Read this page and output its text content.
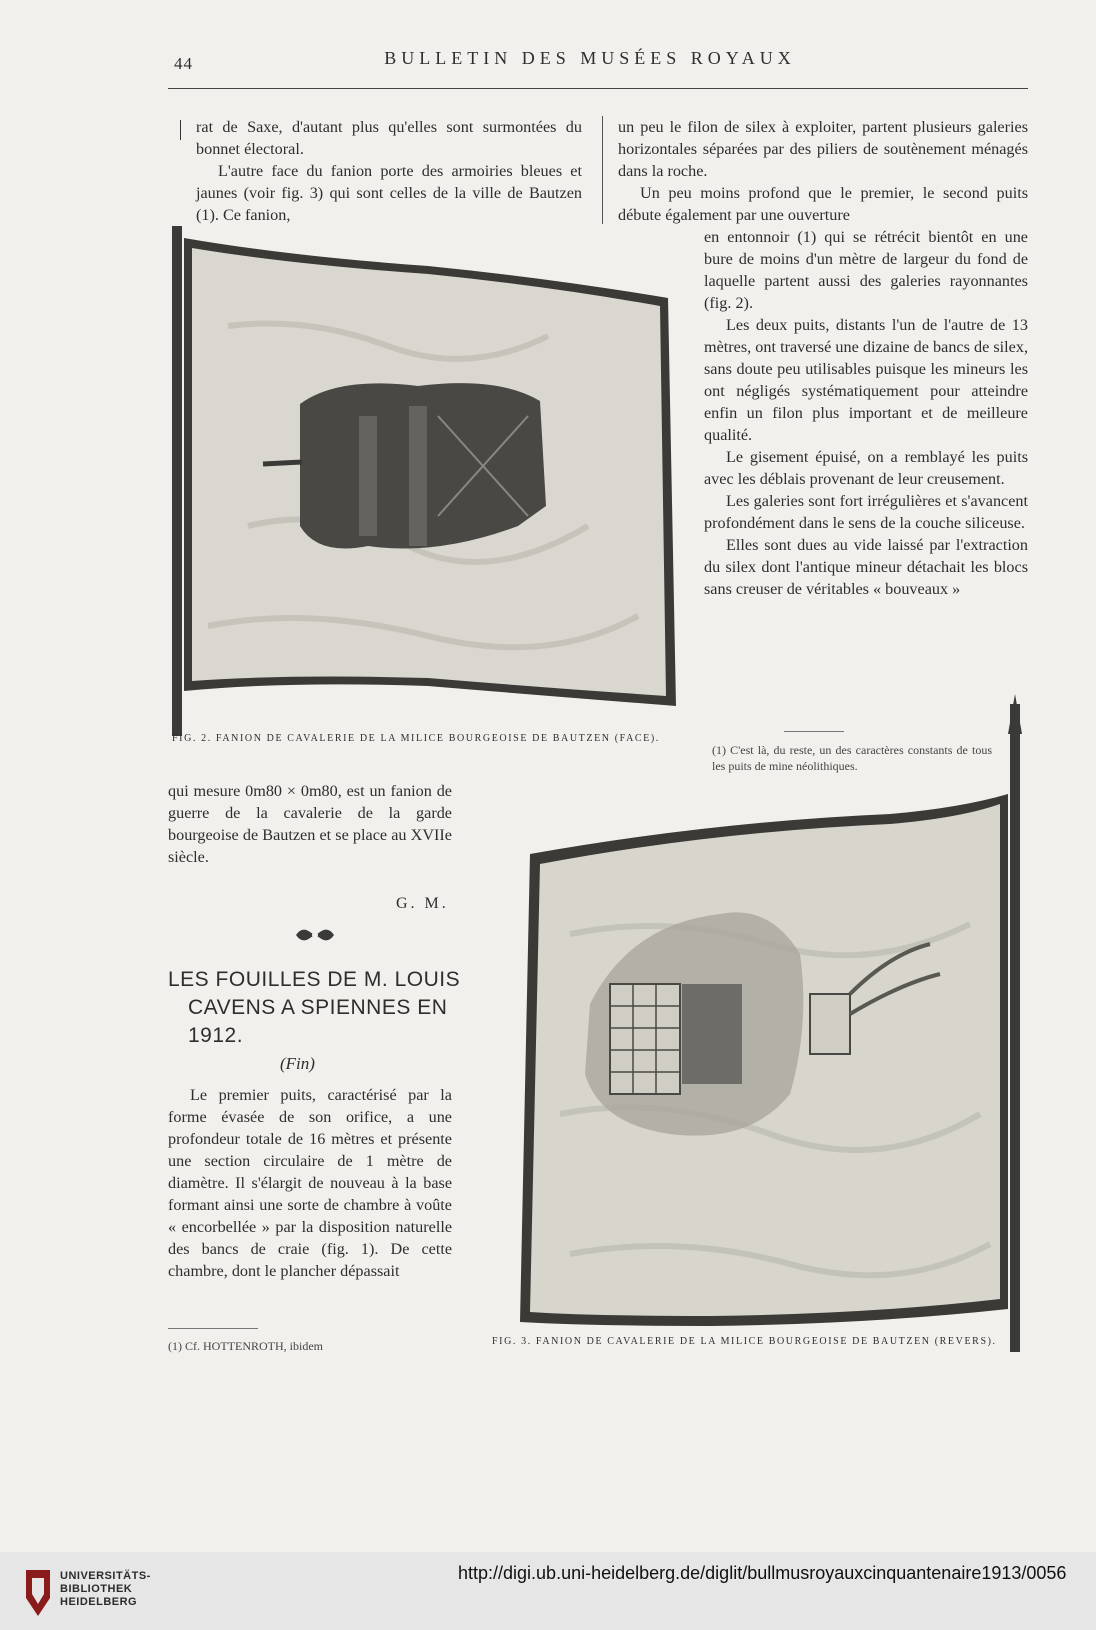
44	BULLETIN DES MUSÉES ROYAUX

rat de Saxe, d'autant plus qu'elles sont surmontées du bonnet électoral.

L'autre face du fanion porte des armoiries bleues et jaunes (voir fig. 3) qui sont celles de la ville de Bautzen (1). Ce fanion,

un peu le filon de silex à exploiter, partent plusieurs galeries horizontales séparées par des piliers de soutènement ménagés dans la roche.

Un peu moins profond que le premier, le second puits débute également par une ouverture

en entonnoir (1) qui se rétrécit bientôt en une bure de moins d'un mètre de largeur du fond de laquelle partent aussi des galeries rayonnantes (fig. 2).

Les deux puits, distants l'un de l'autre de 13 mètres, ont traversé une dizaine de bancs de silex, sans doute peu utilisables puisque les mineurs les ont négligés systématiquement pour atteindre enfin un filon plus important et de meilleure qualité.

Le gisement épuisé, on a remblayé les puits avec les déblais provenant de leur creusement.

Les galeries sont fort irrégulières et s'avancent profondément dans le sens de la couche siliceuse.

Elles sont dues au vide laissé par l'extraction du silex dont l'antique mineur détachait les blocs sans creuser de véritables « bouveaux »

(1) C'est là, du reste, un des caractères constants de tous les puits de mine néolithiques.
FIG. 2. FANION DE CAVALERIE DE LA MILICE BOURGEOISE DE BAUTZEN (FACE).

qui mesure 0m80 × 0m80, est un fanion de guerre de la cavalerie de la garde bourgeoise de Bautzen et se place au XVIIe siècle.

G. M.
LES FOUILLES DE M. LOUIS
CAVENS A SPIENNES EN
1912.
(Fin)

Le premier puits, caractérisé par la forme évasée de son orifice, a une profondeur totale de 16 mètres et présente une section circulaire de 1 mètre de diamètre. Il s'élargit de nouveau à la base formant ainsi une sorte de chambre à voûte « encorbellée » par la disposition naturelle des bancs de craie (fig. 1). De cette chambre, dont le plancher dépassait

(1) Cf. HOTTENROTH, ibidem	FIG. 3. FANION DE CAVALERIE DE LA MILICE BOURGEOISE DE BAUTZEN (REVERS).
UNIVERSITÄTS-
BIBLIOTHEK
HEIDELBERG
http://digi.ub.uni-heidelberg.de/diglit/bullmusroyauxcinquantenaire1913/0056
